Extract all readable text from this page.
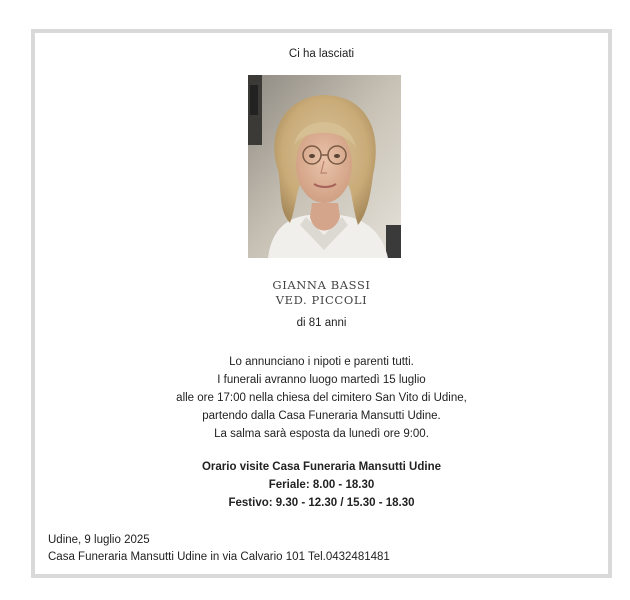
Ci ha lasciati
GIANNA BASSI
VED. PICCOLI
di 81 anni
Lo annunciano i nipoti e parenti tutti.
I funerali avranno luogo martedì 15 luglio
alle ore 17:00 nella chiesa del cimitero San Vito di Udine,
partendo dalla Casa Funeraria Mansutti Udine.
La salma sarà esposta da lunedì ore 9:00.
Orario visite Casa Funeraria Mansutti Udine
Feriale: 8.00 - 18.30
Festivo: 9.30 - 12.30 / 15.30 - 18.30
Udine, 9 luglio 2025
Casa Funeraria Mansutti Udine in via Calvario 101 Tel.0432481481
